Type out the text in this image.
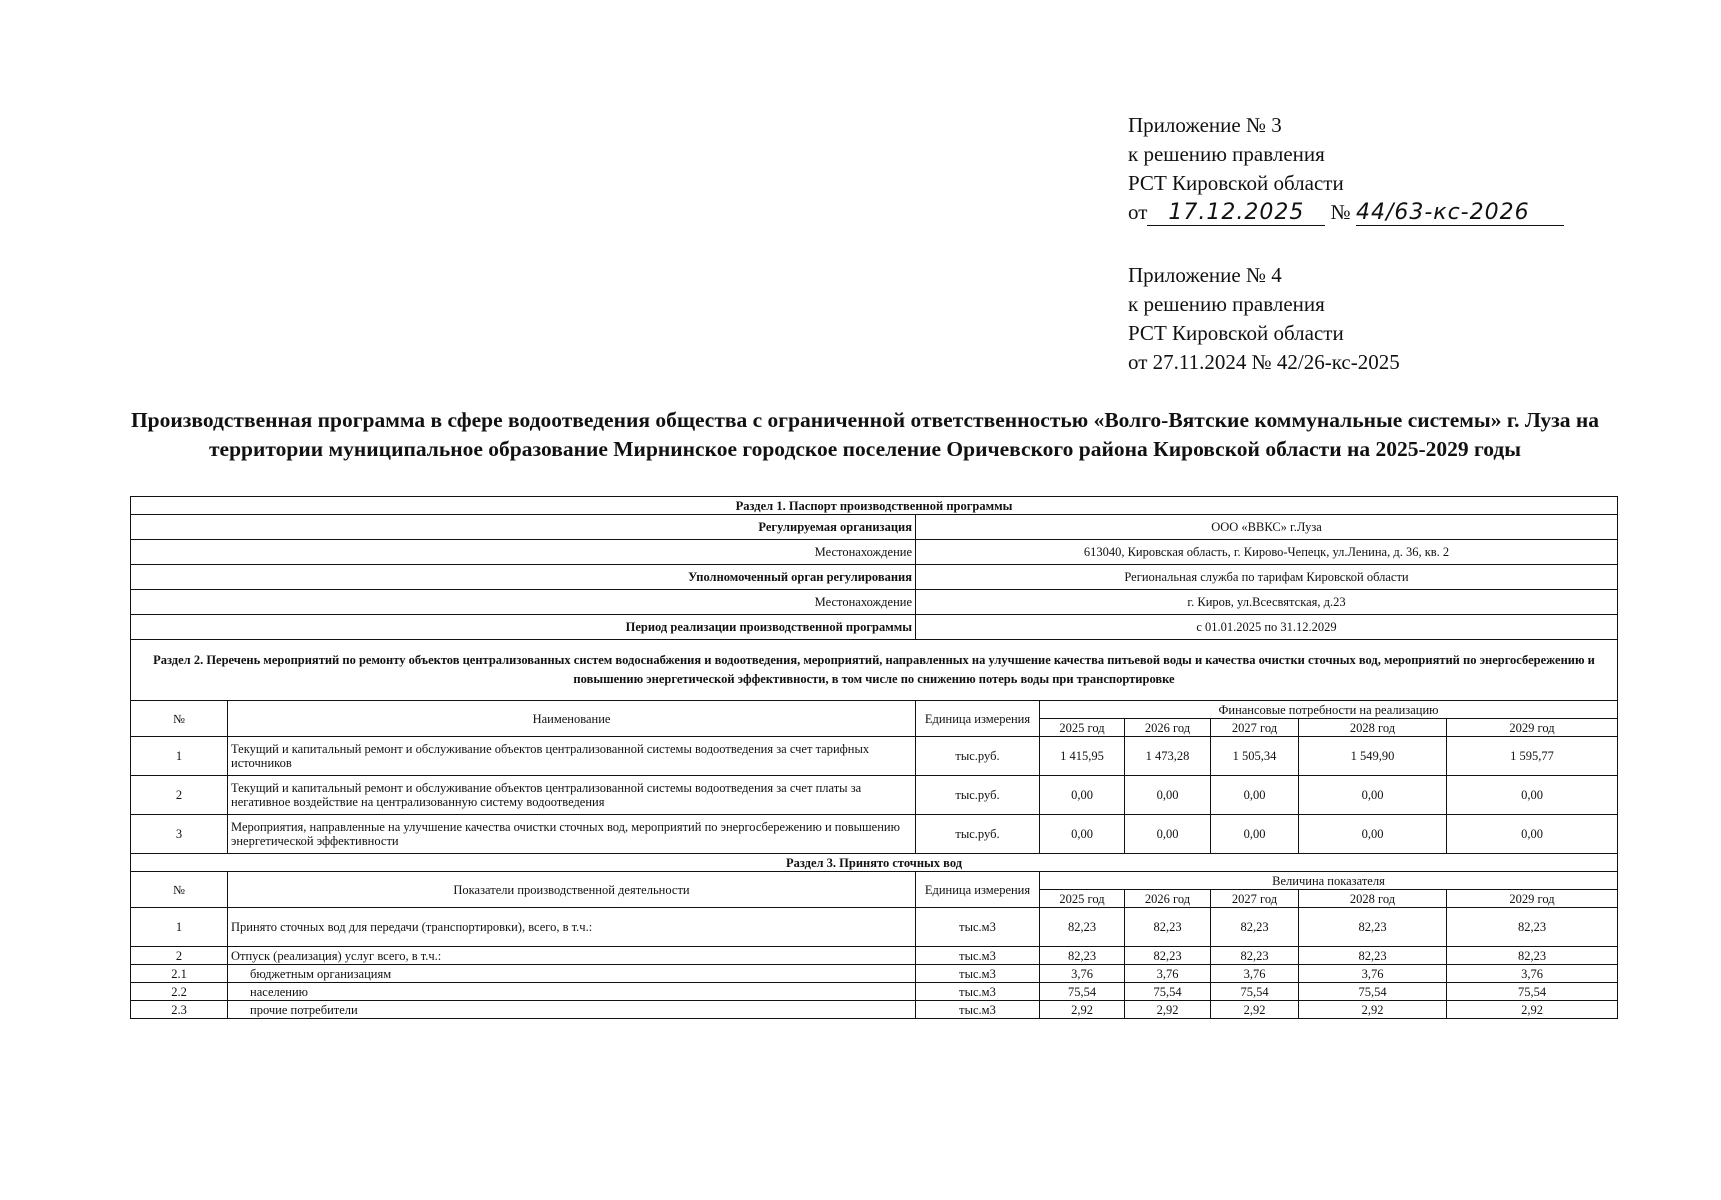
Приложение № 3
к решению правления
РСТ Кировской области
от 17.12.2025 № 44/63-кс-2026
Приложение № 4
к решению правления
РСТ Кировской области
от 27.11.2024 № 42/26-кс-2025
Производственная программа в сфере водоотведения общества с ограниченной ответственностью «Волго-Вятские коммунальные системы» г. Луза на территории муниципальное образование Мирнинское городское поселение Оричевского района Кировской области на 2025-2029 годы
Раздел 1. Паспорт производственной программы							
Регулируемая организация		ООО «ВВКС» г.Луза					
Местонахождение		613040, Кировская область, г. Кирово-Чепецк, ул.Ленина, д. 36, кв. 2					
Уполномоченный орган регулирования		Региональная служба по тарифам Кировской области					
Местонахождение		г. Киров, ул.Всесвятская, д.23					
Период реализации производственной программы		с 01.01.2025 по 31.12.2029					
Раздел 2. Перечень мероприятий по ремонту объектов централизованных систем водоснабжения и водоотведения, мероприятий, направленных на улучшение качества питьевой воды и качества очистки сточных вод, мероприятий по энергосбережению и повышению энергетической эффективности, в том числе по снижению потерь воды при транспортировке							
№	Наименование	Единица измерения	Финансовые потребности на реализацию				
			2025 год	2026 год	2027 год	2028 год	2029 год
1	Текущий и капитальный ремонт и обслуживание объектов централизованной системы водоотведения за счет тарифных источников	тыс.руб.	1 415,95	1 473,28	1 505,34	1 549,90	1 595,77
2	Текущий и капитальный ремонт и обслуживание объектов централизованной системы водоотведения за счет платы за негативное воздействие на централизованную систему водоотведения	тыс.руб.	0,00	0,00	0,00	0,00	0,00
3	Мероприятия, направленные на улучшение качества очистки сточных вод, мероприятий по энергосбережению и повышению энергетической эффективности	тыс.руб.	0,00	0,00	0,00	0,00	0,00
Раздел 3. Принято сточных вод							
№	Показатели производственной деятельности	Единица измерения	Величина показателя				
			2025 год	2026 год	2027 год	2028 год	2029 год
1	Принято сточных вод для передачи (транспортировки), всего, в т.ч.:	тыс.м3	82,23	82,23	82,23	82,23	82,23
2	Отпуск (реализация) услуг всего, в т.ч.:	тыс.м3	82,23	82,23	82,23	82,23	82,23
2.1	бюджетным организациям	тыс.м3	3,76	3,76	3,76	3,76	3,76
2.2	населению	тыс.м3	75,54	75,54	75,54	75,54	75,54
2.3	прочие потребители	тыс.м3	2,92	2,92	2,92	2,92	2,92
